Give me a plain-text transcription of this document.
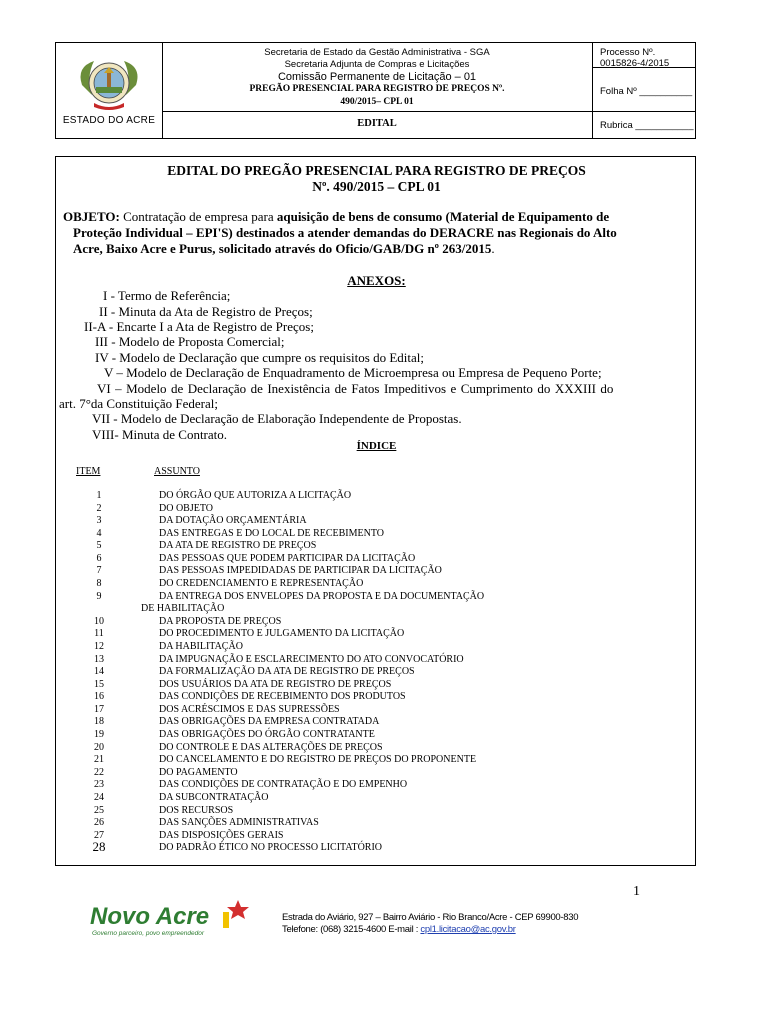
ESTADO DO ACRE
Secretaria de Estado da Gestão Administrativa - SGA
Secretaria Adjunta de Compras e Licitações
Comissão Permanente de Licitação – 01
PREGÃO PRESENCIAL PARA REGISTRO DE PREÇOS Nº.
490/2015– CPL 01
EDITAL
Processo Nº. 0015826-4/2015
Folha Nº __________
Rubrica ___________
EDITAL DO PREGÃO PRESENCIAL PARA REGISTRO DE PREÇOS
Nº. 490/2015 – CPL 01
OBJETO: Contratação de empresa para aquisição de bens de consumo (Material de Equipamento de
Proteção Individual – EPI'S) destinados a atender demandas do DERACRE nas Regionais do Alto
Acre, Baixo Acre e Purus, solicitado através do Oficio/GAB/DG nº 263/2015.
ANEXOS:
I - Termo de Referência;
II - Minuta da Ata de Registro de Preços;
II-A - Encarte I a Ata de Registro de Preços;
III - Modelo de Proposta Comercial;
IV - Modelo de Declaração que cumpre os requisitos do Edital;
V – Modelo de Declaração de Enquadramento de Microempresa ou Empresa de Pequeno Porte;
VI – Modelo de Declaração de Inexistência de Fatos Impeditivos e Cumprimento do XXXIII do
art. 7°da Constituição Federal;
VII - Modelo de Declaração de Elaboração Independente de Propostas.
VIII- Minuta de Contrato.
ÍNDICE
ITEM	ASSUNTO
1	DO ÓRGÃO QUE AUTORIZA A LICITAÇÃO
2	DO OBJETO
3	DA DOTAÇÃO ORÇAMENTÁRIA
4	DAS ENTREGAS E DO LOCAL DE RECEBIMENTO
5	DA ATA DE REGISTRO DE PREÇOS
6	DAS PESSOAS QUE PODEM PARTICIPAR DA LICITAÇÃO
7	DAS PESSOAS IMPEDIDADAS DE PARTICIPAR DA LICITAÇÃO
8	DO CREDENCIAMENTO E REPRESENTAÇÃO
9	DA ENTREGA DOS ENVELOPES DA PROPOSTA E DA DOCUMENTAÇÃO
DE HABILITAÇÃO
10	DA PROPOSTA DE PREÇOS
11	DO PROCEDIMENTO E JULGAMENTO DA LICITAÇÃO
12	DA HABILITAÇÃO
13	DA IMPUGNAÇÃO E ESCLARECIMENTO DO ATO CONVOCATÓRIO
14	DA FORMALIZAÇÃO DA ATA DE REGISTRO DE PREÇOS
15	DOS USUÁRIOS DA ATA DE REGISTRO DE PREÇOS
16	DAS CONDIÇÕES DE RECEBIMENTO DOS PRODUTOS
17	DOS ACRÉSCIMOS E DAS SUPRESSÕES
18	DAS OBRIGAÇÕES DA EMPRESA CONTRATADA
19	DAS OBRIGAÇÕES DO ÓRGÃO CONTRATANTE
20	DO CONTROLE E DAS ALTERAÇÕES DE PREÇOS
21	DO CANCELAMENTO E DO REGISTRO DE PREÇOS DO PROPONENTE
22	DO PAGAMENTO
23	DAS CONDIÇÕES DE CONTRATAÇÃO E DO EMPENHO
24	DA SUBCONTRATAÇÃO
25	DOS RECURSOS
26	DAS SANÇÕES ADMINISTRATIVAS
27	DAS DISPOSIÇÕES GERAIS
28	DO PADRÃO ÉTICO NO PROCESSO LICITATÓRIO
1
Novo Acre
Governo parceiro, povo empreendedor
Estrada do Aviário, 927 – Bairro Aviário - Rio Branco/Acre - CEP 69900-830
Telefone: (068) 3215-4600 E-mail : cpl1.licitacao@ac.gov.br
